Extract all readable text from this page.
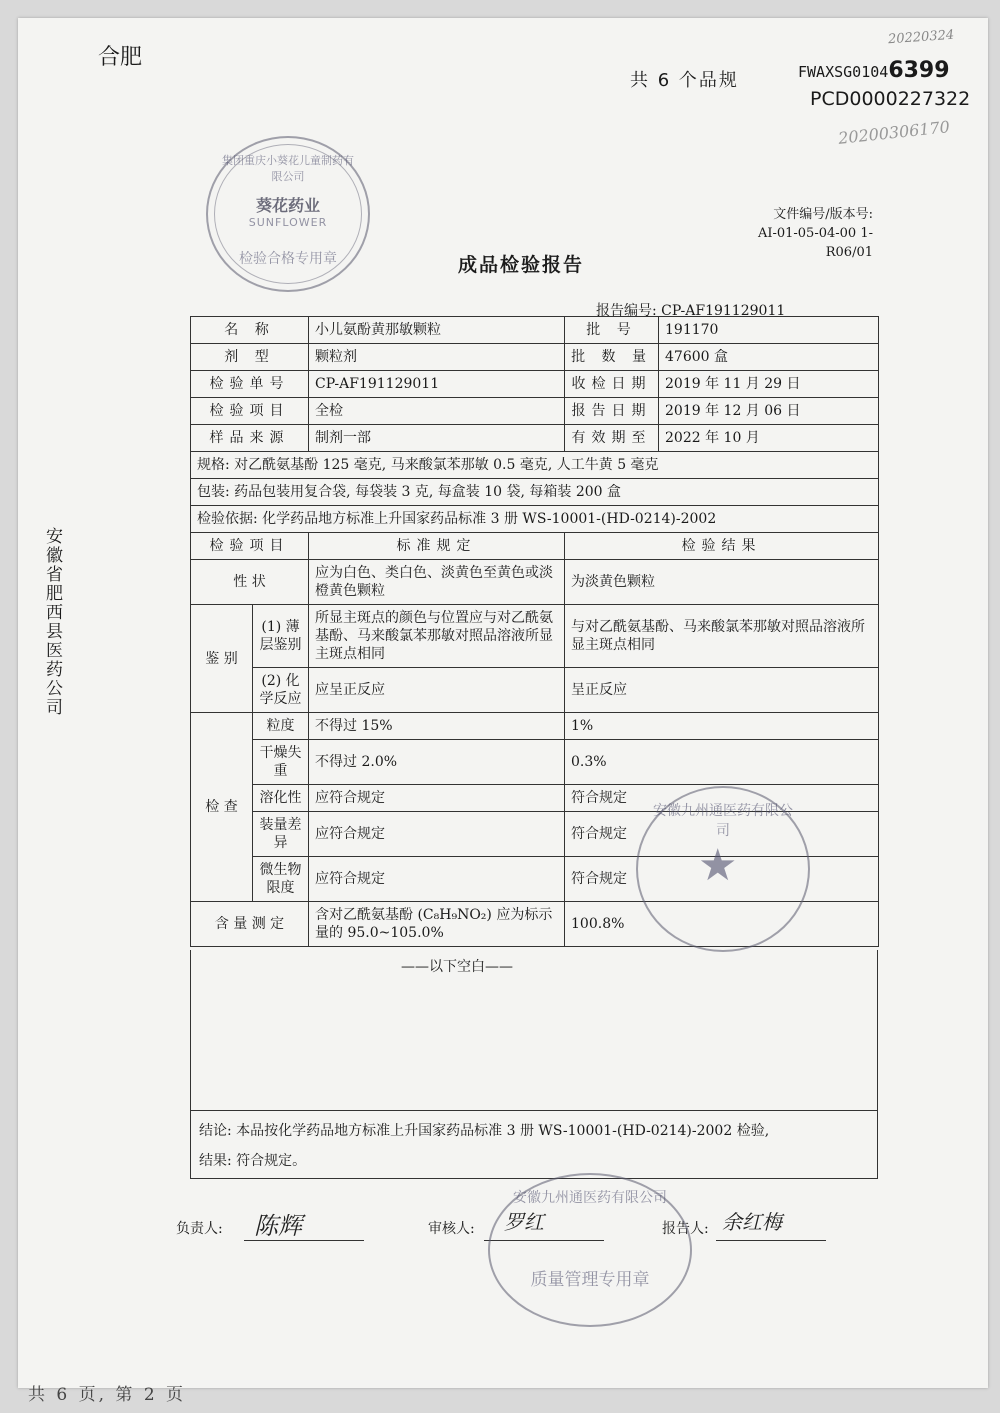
合肥
共 6 个品规	FWAXSG01046399
PCD0000227322
20220324
20200306170
集团重庆小葵花儿童制药有限公司
葵花药业
SUNFLOWER
检验合格专用章
文件编号/版本号:
AI-01-05-04-00 1-R06/01
成品检验报告
报告编号: CP-AF191129011
安徽省肥西县医药公司
名 称		小儿氨酚黄那敏颗粒	批 号	191170
剂 型		颗粒剂	批 数 量	47600 盒
检验单号		CP-AF191129011	收检日期	2019 年 11 月 29 日
检验项目		全检	报告日期	2019 年 12 月 06 日
样品来源		制剂一部	有效期至	2022 年 10 月
规格: 对乙酰氨基酚 125 毫克, 马来酸氯苯那敏 0.5 毫克, 人工牛黄 5 毫克				
包装: 药品包装用复合袋, 每袋装 3 克, 每盒装 10 袋, 每箱装 200 盒				
检验依据: 化学药品地方标准上升国家药品标准 3 册 WS-10001-(HD-0214)-2002				
检验项目		标准规定	检验结果	
性 状		应为白色、类白色、淡黄色至黄色或淡橙黄色颗粒	为淡黄色颗粒	
鉴 别	(1) 薄层鉴别	所显主斑点的颜色与位置应与对乙酰氨基酚、马来酸氯苯那敏对照品溶液所显主斑点相同	与对乙酰氨基酚、马来酸氯苯那敏对照品溶液所显主斑点相同	
	(2) 化学反应	应呈正反应	呈正反应	
检 查	粒度	不得过 15%	1%	
	干燥失重	不得过 2.0%	0.3%	
	溶化性	应符合规定	符合规定	
	装量差异	应符合规定	符合规定	
	微生物限度	应符合规定	符合规定	
含 量 测 定		含对乙酰氨基酚 (C₈H₉NO₂) 应为标示量的 95.0~105.0%	100.8%	
——以下空白——
结论: 本品按化学药品地方标准上升国家药品标准 3 册 WS-10001-(HD-0214)-2002 检验,
结果: 符合规定。
安徽九州通医药有限公司
★
负责人: 陈辉	审核人: 罗红	报告人: 余红梅
安徽九州通医药有限公司
质量管理专用章
共 6 页, 第 2 页
